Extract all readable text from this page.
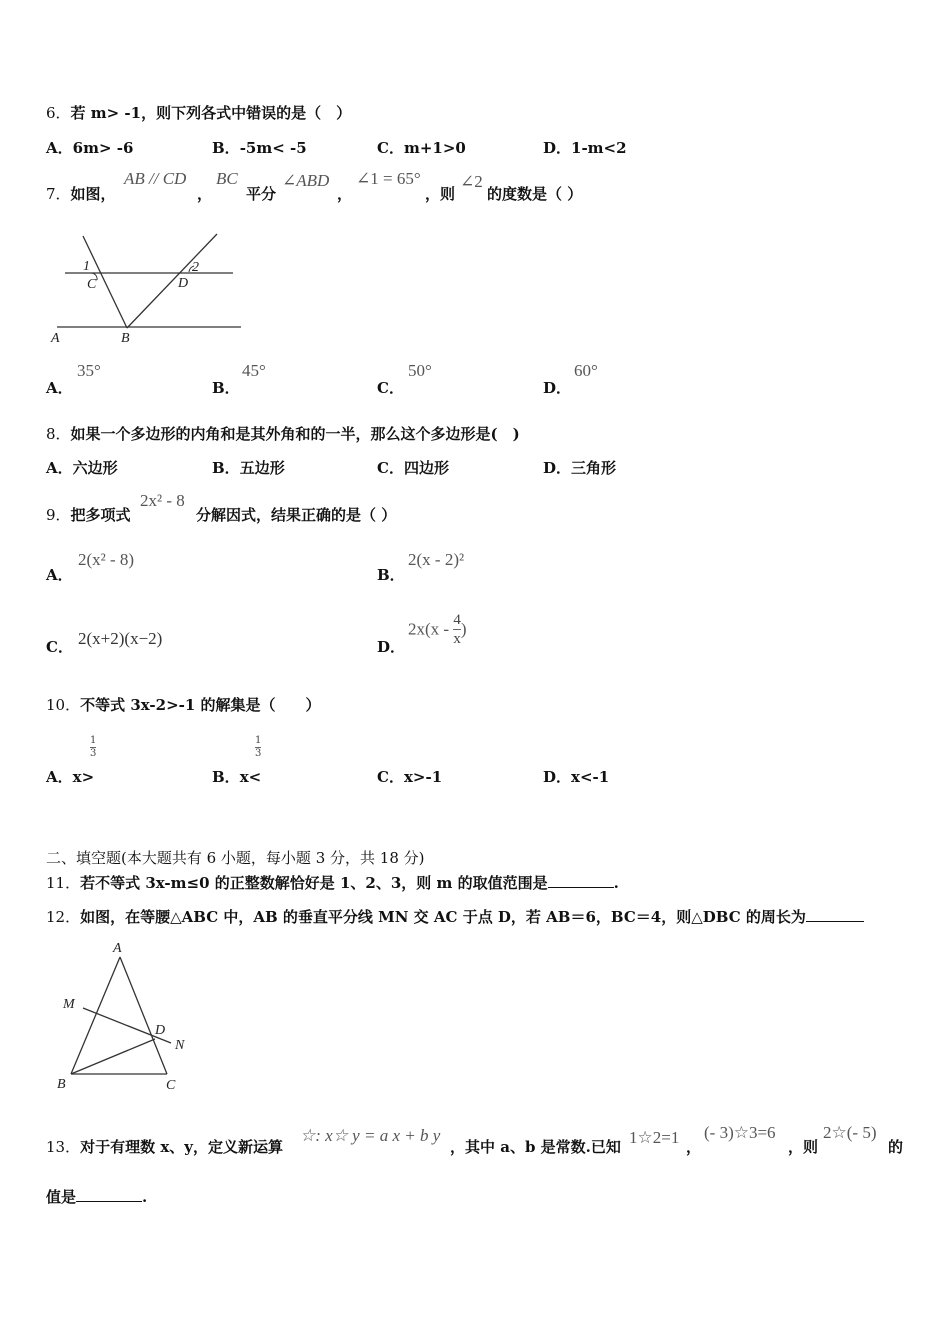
6．若 m> -1，则下列各式中错误的是（　）
A．6m> -6	B．-5m< -5	C．m+1>0	D．1-m<2
7．如图，
AB // CD
，
BC
平分
∠ABD
，
∠1 = 65°
，则
∠2
的度数是（ ）
1	2
C	D
A	B
A．
35°
B．
45°
C．
50°
D．
60°
8．如果一个多边形的内角和是其外角和的一半，那么这个多边形是(　)
A．六边形	B．五边形	C．四边形	D．三角形
9．把多项式
2x² - 8
分解因式，结果正确的是（ ）
A．
2(x² - 8)
B．
2(x - 2)²
C． 2(x+2)(x−2)	D．
$2x(x - \frac{4}{x}$ )
10．不等式 3x-2>-1 的解集是（　　）
$\frac{1}{3}$	$\frac{1}{3}$
A．x>	B．x<	C．x>-1	D．x<-1
二、填空题(本大题共有 6 小题，每小题 3 分，共 18 分)
11．若不等式 3x-m≤0 的正整数解恰好是 1、2、3，则 m 的取值范围是	.
12．如图，在等腰△ABC 中，AB 的垂直平分线 MN 交 AC 于点 D，若 AB＝6，BC＝4，则△DBC 的周长为
A
B	C
D
M
N
13．对于有理数 x、y，定义新运算
☆: x☆ y = a x + b y
，其中 a、b 是常数.已知 1☆2=1 ，
(- 3)☆3=6
，则
2☆(- 5)
的
值是	.
